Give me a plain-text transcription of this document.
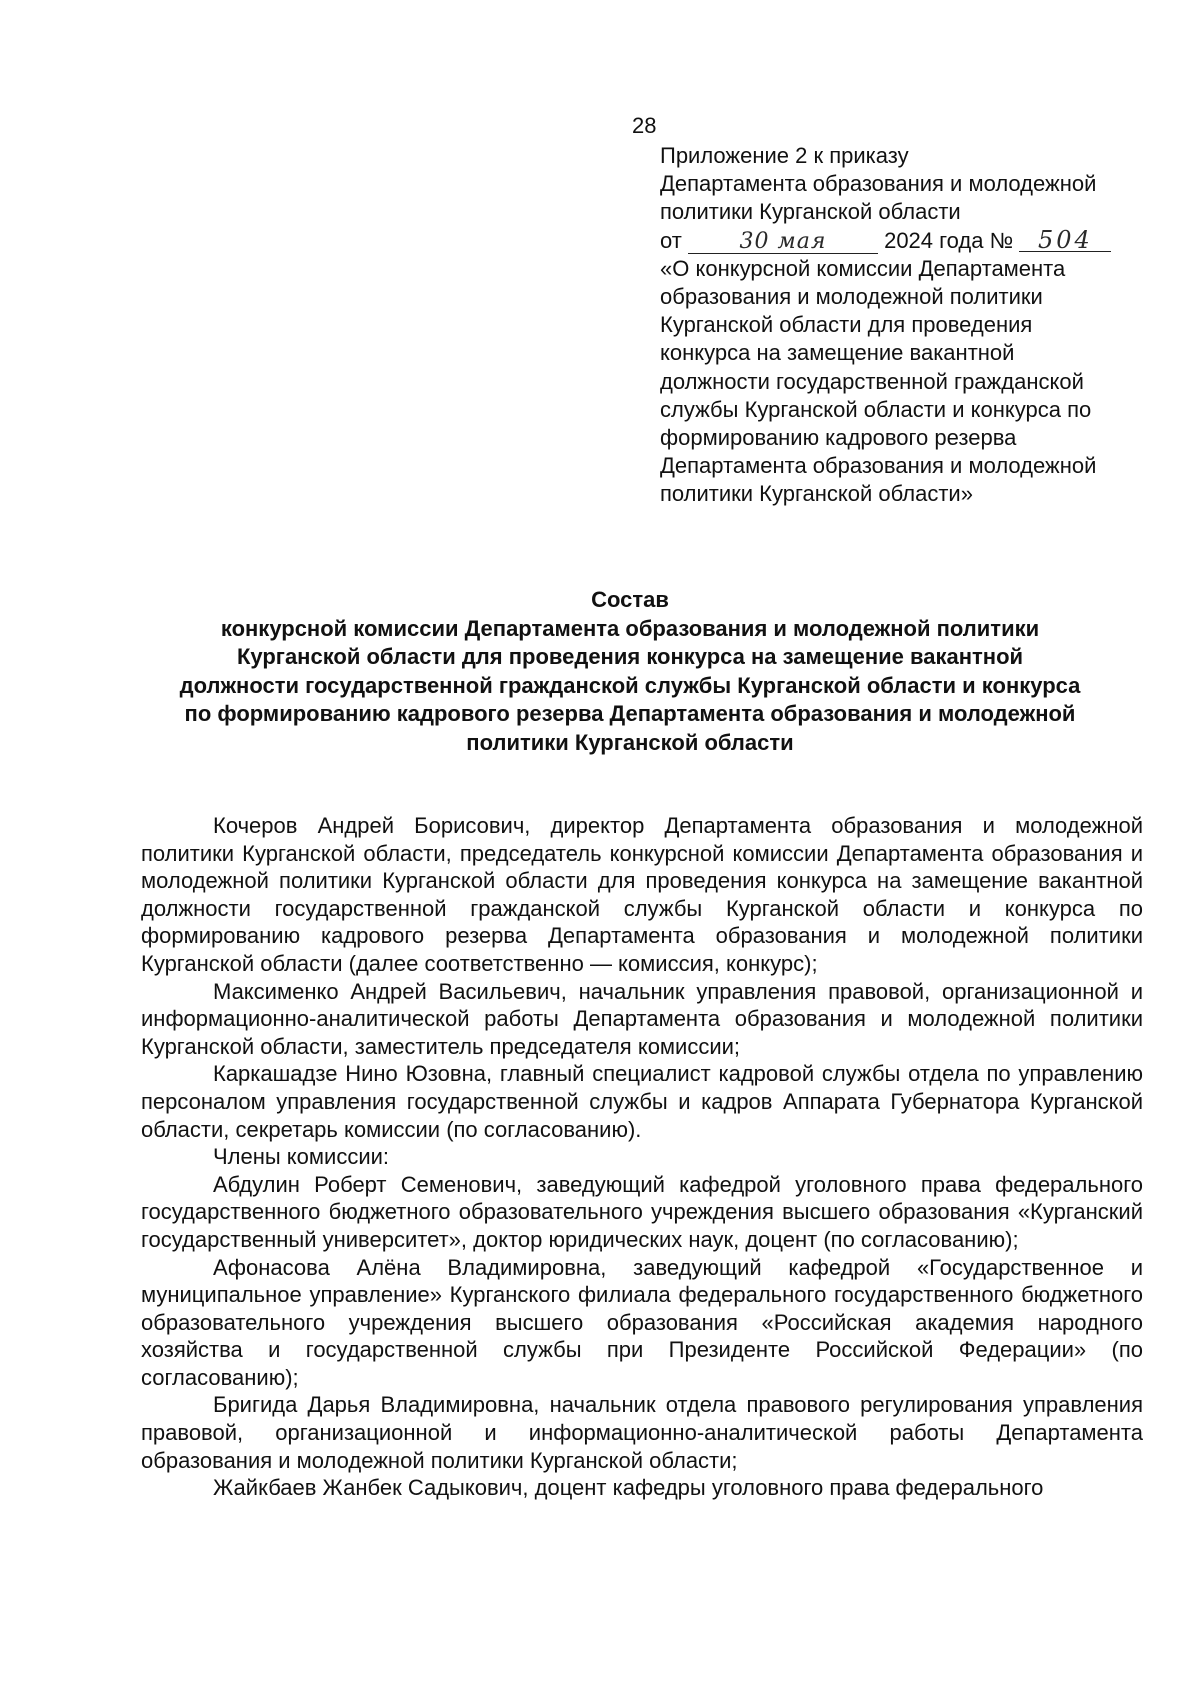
28
Приложение 2 к приказу
Департамента образования и молодежной
политики Курганской области
от	30 мая	2024 года № 504
«О конкурсной комиссии Департамента
образования и молодежной политики
Курганской области для проведения
конкурса на замещение вакантной
должности государственной гражданской
службы Курганской области и конкурса по
формированию кадрового резерва
Департамента образования и молодежной
политики Курганской области»
Состав
конкурсной комиссии Департамента образования и молодежной политики
Курганской области для проведения конкурса на замещение вакантной
должности государственной гражданской службы Курганской области и конкурса
по формированию кадрового резерва Департамента образования и молодежной
политики Курганской области

Кочеров Андрей Борисович, директор Департамента образования и молодежной политики Курганской области, председатель конкурсной комиссии Департамента образования и молодежной политики Курганской области для проведения конкурса на замещение вакантной должности государственной гражданской службы Курганской области и конкурса по формированию кадрового резерва Департамента образования и молодежной политики Курганской области (далее соответственно — комиссия, конкурс);

Максименко Андрей Васильевич, начальник управления правовой, организационной и информационно-аналитической работы Департамента образования и молодежной политики Курганской области, заместитель председателя комиссии;

Каркашадзе Нино Юзовна, главный специалист кадровой службы отдела по управлению персоналом управления государственной службы и кадров Аппарата Губернатора Курганской области, секретарь комиссии (по согласованию).

Члены комиссии:

Абдулин Роберт Семенович, заведующий кафедрой уголовного права федерального государственного бюджетного образовательного учреждения высшего образования «Курганский государственный университет», доктор юридических наук, доцент (по согласованию);

Афонасова Алёна Владимировна, заведующий кафедрой «Государственное и муниципальное управление» Курганского филиала федерального государственного бюджетного образовательного учреждения высшего образования «Российская академия народного хозяйства и государственной службы при Президенте Российской Федерации» (по согласованию);

Бригида Дарья Владимировна, начальник отдела правового регулирования управления правовой, организационной и информационно-аналитической работы Департамента образования и молодежной политики Курганской области;

Жайкбаев Жанбек Садыкович, доцент кафедры уголовного права федерального
